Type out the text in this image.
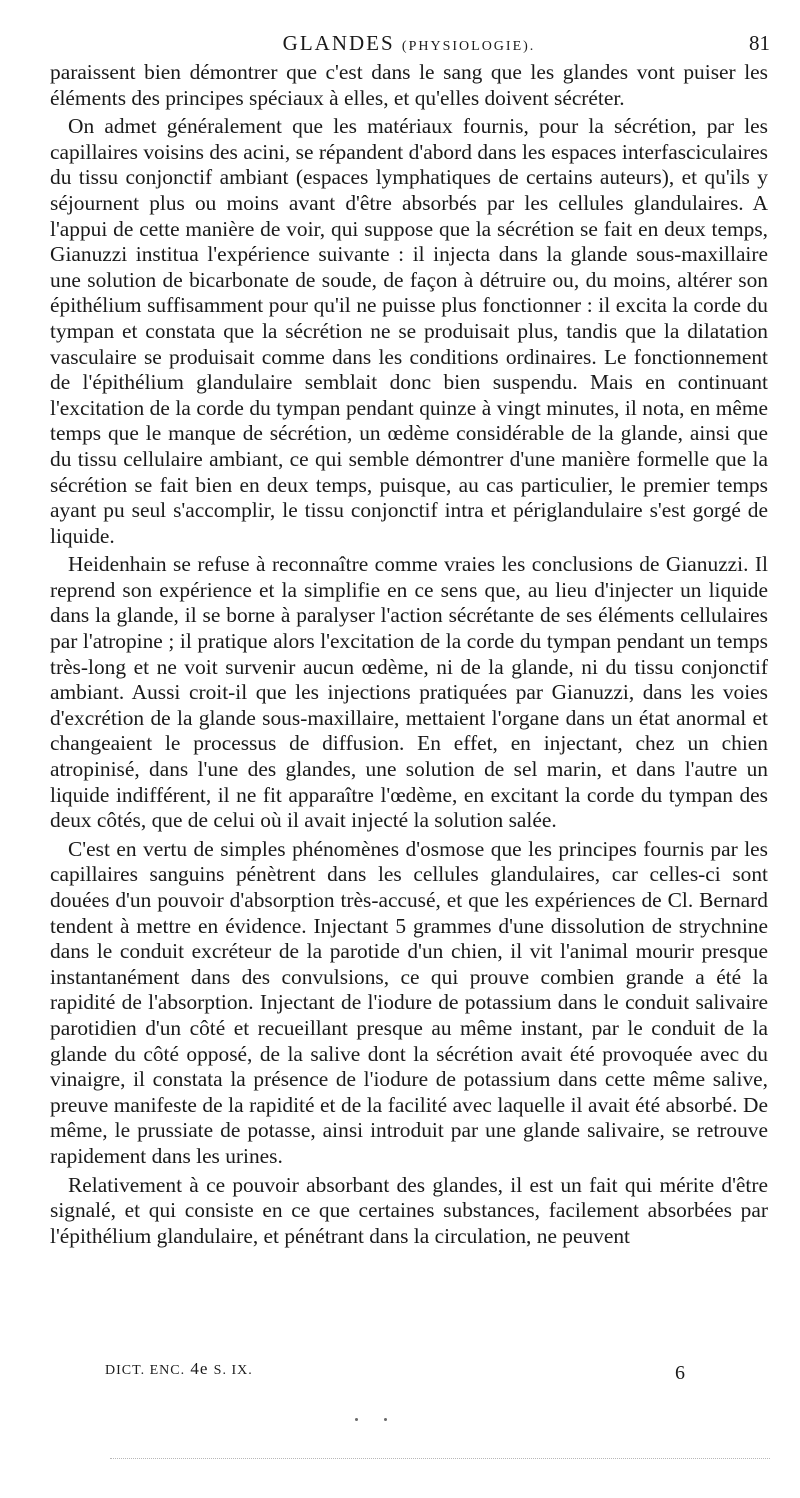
GLANDES (PHYSIOLOGIE).	81

paraissent bien démontrer que c'est dans le sang que les glandes vont puiser les éléments des principes spéciaux à elles, et qu'elles doivent sécréter.

On admet généralement que les matériaux fournis, pour la sécrétion, par les capillaires voisins des acini, se répandent d'abord dans les espaces interfasciculaires du tissu conjonctif ambiant (espaces lymphatiques de certains auteurs), et qu'ils y séjournent plus ou moins avant d'être absorbés par les cellules glandulaires. A l'appui de cette manière de voir, qui suppose que la sécrétion se fait en deux temps, Gianuzzi institua l'expérience suivante : il injecta dans la glande sous-maxillaire une solution de bicarbonate de soude, de façon à détruire ou, du moins, altérer son épithélium suffisamment pour qu'il ne puisse plus fonctionner : il excita la corde du tympan et constata que la sécrétion ne se produisait plus, tandis que la dilatation vasculaire se produisait comme dans les conditions ordinaires. Le fonctionnement de l'épithélium glandulaire semblait donc bien suspendu. Mais en continuant l'excitation de la corde du tympan pendant quinze à vingt minutes, il nota, en même temps que le manque de sécrétion, un œdème considérable de la glande, ainsi que du tissu cellulaire ambiant, ce qui semble démontrer d'une manière formelle que la sécrétion se fait bien en deux temps, puisque, au cas particulier, le premier temps ayant pu seul s'accomplir, le tissu conjonctif intra et périglandulaire s'est gorgé de liquide.

Heidenhain se refuse à reconnaître comme vraies les conclusions de Gianuzzi. Il reprend son expérience et la simplifie en ce sens que, au lieu d'injecter un liquide dans la glande, il se borne à paralyser l'action sécrétante de ses éléments cellulaires par l'atropine ; il pratique alors l'excitation de la corde du tympan pendant un temps très-long et ne voit survenir aucun œdème, ni de la glande, ni du tissu conjonctif ambiant. Aussi croit-il que les injections pratiquées par Gianuzzi, dans les voies d'excrétion de la glande sous-maxillaire, mettaient l'organe dans un état anormal et changeaient le processus de diffusion. En effet, en injectant, chez un chien atropinisé, dans l'une des glandes, une solution de sel marin, et dans l'autre un liquide indifférent, il ne fit apparaître l'œdème, en excitant la corde du tympan des deux côtés, que de celui où il avait injecté la solution salée.

C'est en vertu de simples phénomènes d'osmose que les principes fournis par les capillaires sanguins pénètrent dans les cellules glandulaires, car celles-ci sont douées d'un pouvoir d'absorption très-accusé, et que les expériences de Cl. Bernard tendent à mettre en évidence. Injectant 5 grammes d'une dissolution de strychnine dans le conduit excréteur de la parotide d'un chien, il vit l'animal mourir presque instantanément dans des convulsions, ce qui prouve combien grande a été la rapidité de l'absorption. Injectant de l'iodure de potassium dans le conduit salivaire parotidien d'un côté et recueillant presque au même instant, par le conduit de la glande du côté opposé, de la salive dont la sécrétion avait été provoquée avec du vinaigre, il constata la présence de l'iodure de potassium dans cette même salive, preuve manifeste de la rapidité et de la facilité avec laquelle il avait été absorbé. De même, le prussiate de potasse, ainsi introduit par une glande salivaire, se retrouve rapidement dans les urines.

Relativement à ce pouvoir absorbant des glandes, il est un fait qui mérite d'être signalé, et qui consiste en ce que certaines substances, facilement absorbées par l'épithélium glandulaire, et pénétrant dans la circulation, ne peuvent

DICT. ENC. 4e S. IX.	6
